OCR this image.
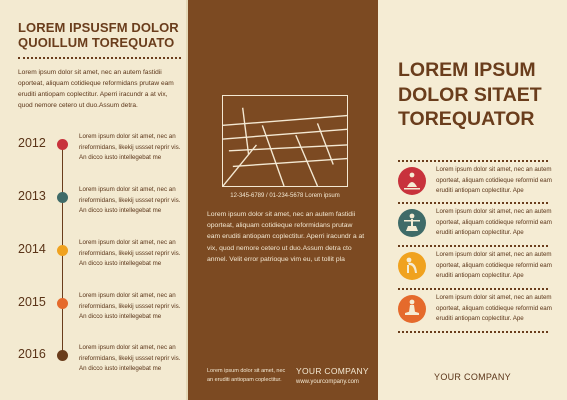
LOREM IPSUSFM DOLOR QUOILLUM TOREQUATO
Lorem ipsum dolor sit amet, nec an autem fastidii oporteat, aliquam cotidieque reformidans prutaw eam eruditi antiopam coplectitur. Aperri iracundr a at vix, quod nemore cetero ut duo.Assum detra.
2012	Lorem ipsum dolor sit amet, nec an rireformidans, likekij ussset reprir vis. An dicco iusto intellegebat me
2013	Lorem ipsum dolor sit amet, nec an rireformidans, likekij ussset reprir vis. An dicco iusto intellegebat me
2014	Lorem ipsum dolor sit amet, nec an rireformidans, likekij ussset reprir vis. An dicco iusto intellegebat me
2015	Lorem ipsum dolor sit amet, nec an rireformidans, likekij ussset reprir vis. An dicco iusto intellegebat me
2016	Lorem ipsum dolor sit amet, nec an rireformidans, likekij ussset reprir vis. An dicco iusto intellegebat me
12-345-6789 / 01-234-5678 Lorem ipsum
Lorem ipsum dolor sit amet, nec an autem fastidii oporteat, aliquam cotidieque reformidans prutaw eam eruditi antiopam coplectitur. Aperri iracundr a at vix, quod nemore cetero ut duo.Assum detra cto anmel. Velit error patrioque vim eu, ut tollit pla
Lorem ipsum dolor sit amet, nec an eruditi antiopam coplectitur.
YOUR COMPANY
www.yourcompany.com
LOREM IPSUM DOLOR SITAET TOREQUATOR
Lorem ipsum dolor sit amet, nec an autem oporteat, aliquam cotidieque reformid eam eruditi antiopam coplectitur. Ape
Lorem ipsum dolor sit amet, nec an autem oporteat, aliquam cotidieque reformid eam eruditi antiopam coplectitur. Ape
Lorem ipsum dolor sit amet, nec an autem oporteat, aliquam cotidieque reformid eam eruditi antiopam coplectitur. Ape
Lorem ipsum dolor sit amet, nec an autem oporteat, aliquam cotidieque reformid eam eruditi antiopam coplectitur. Ape
YOUR COMPANY
